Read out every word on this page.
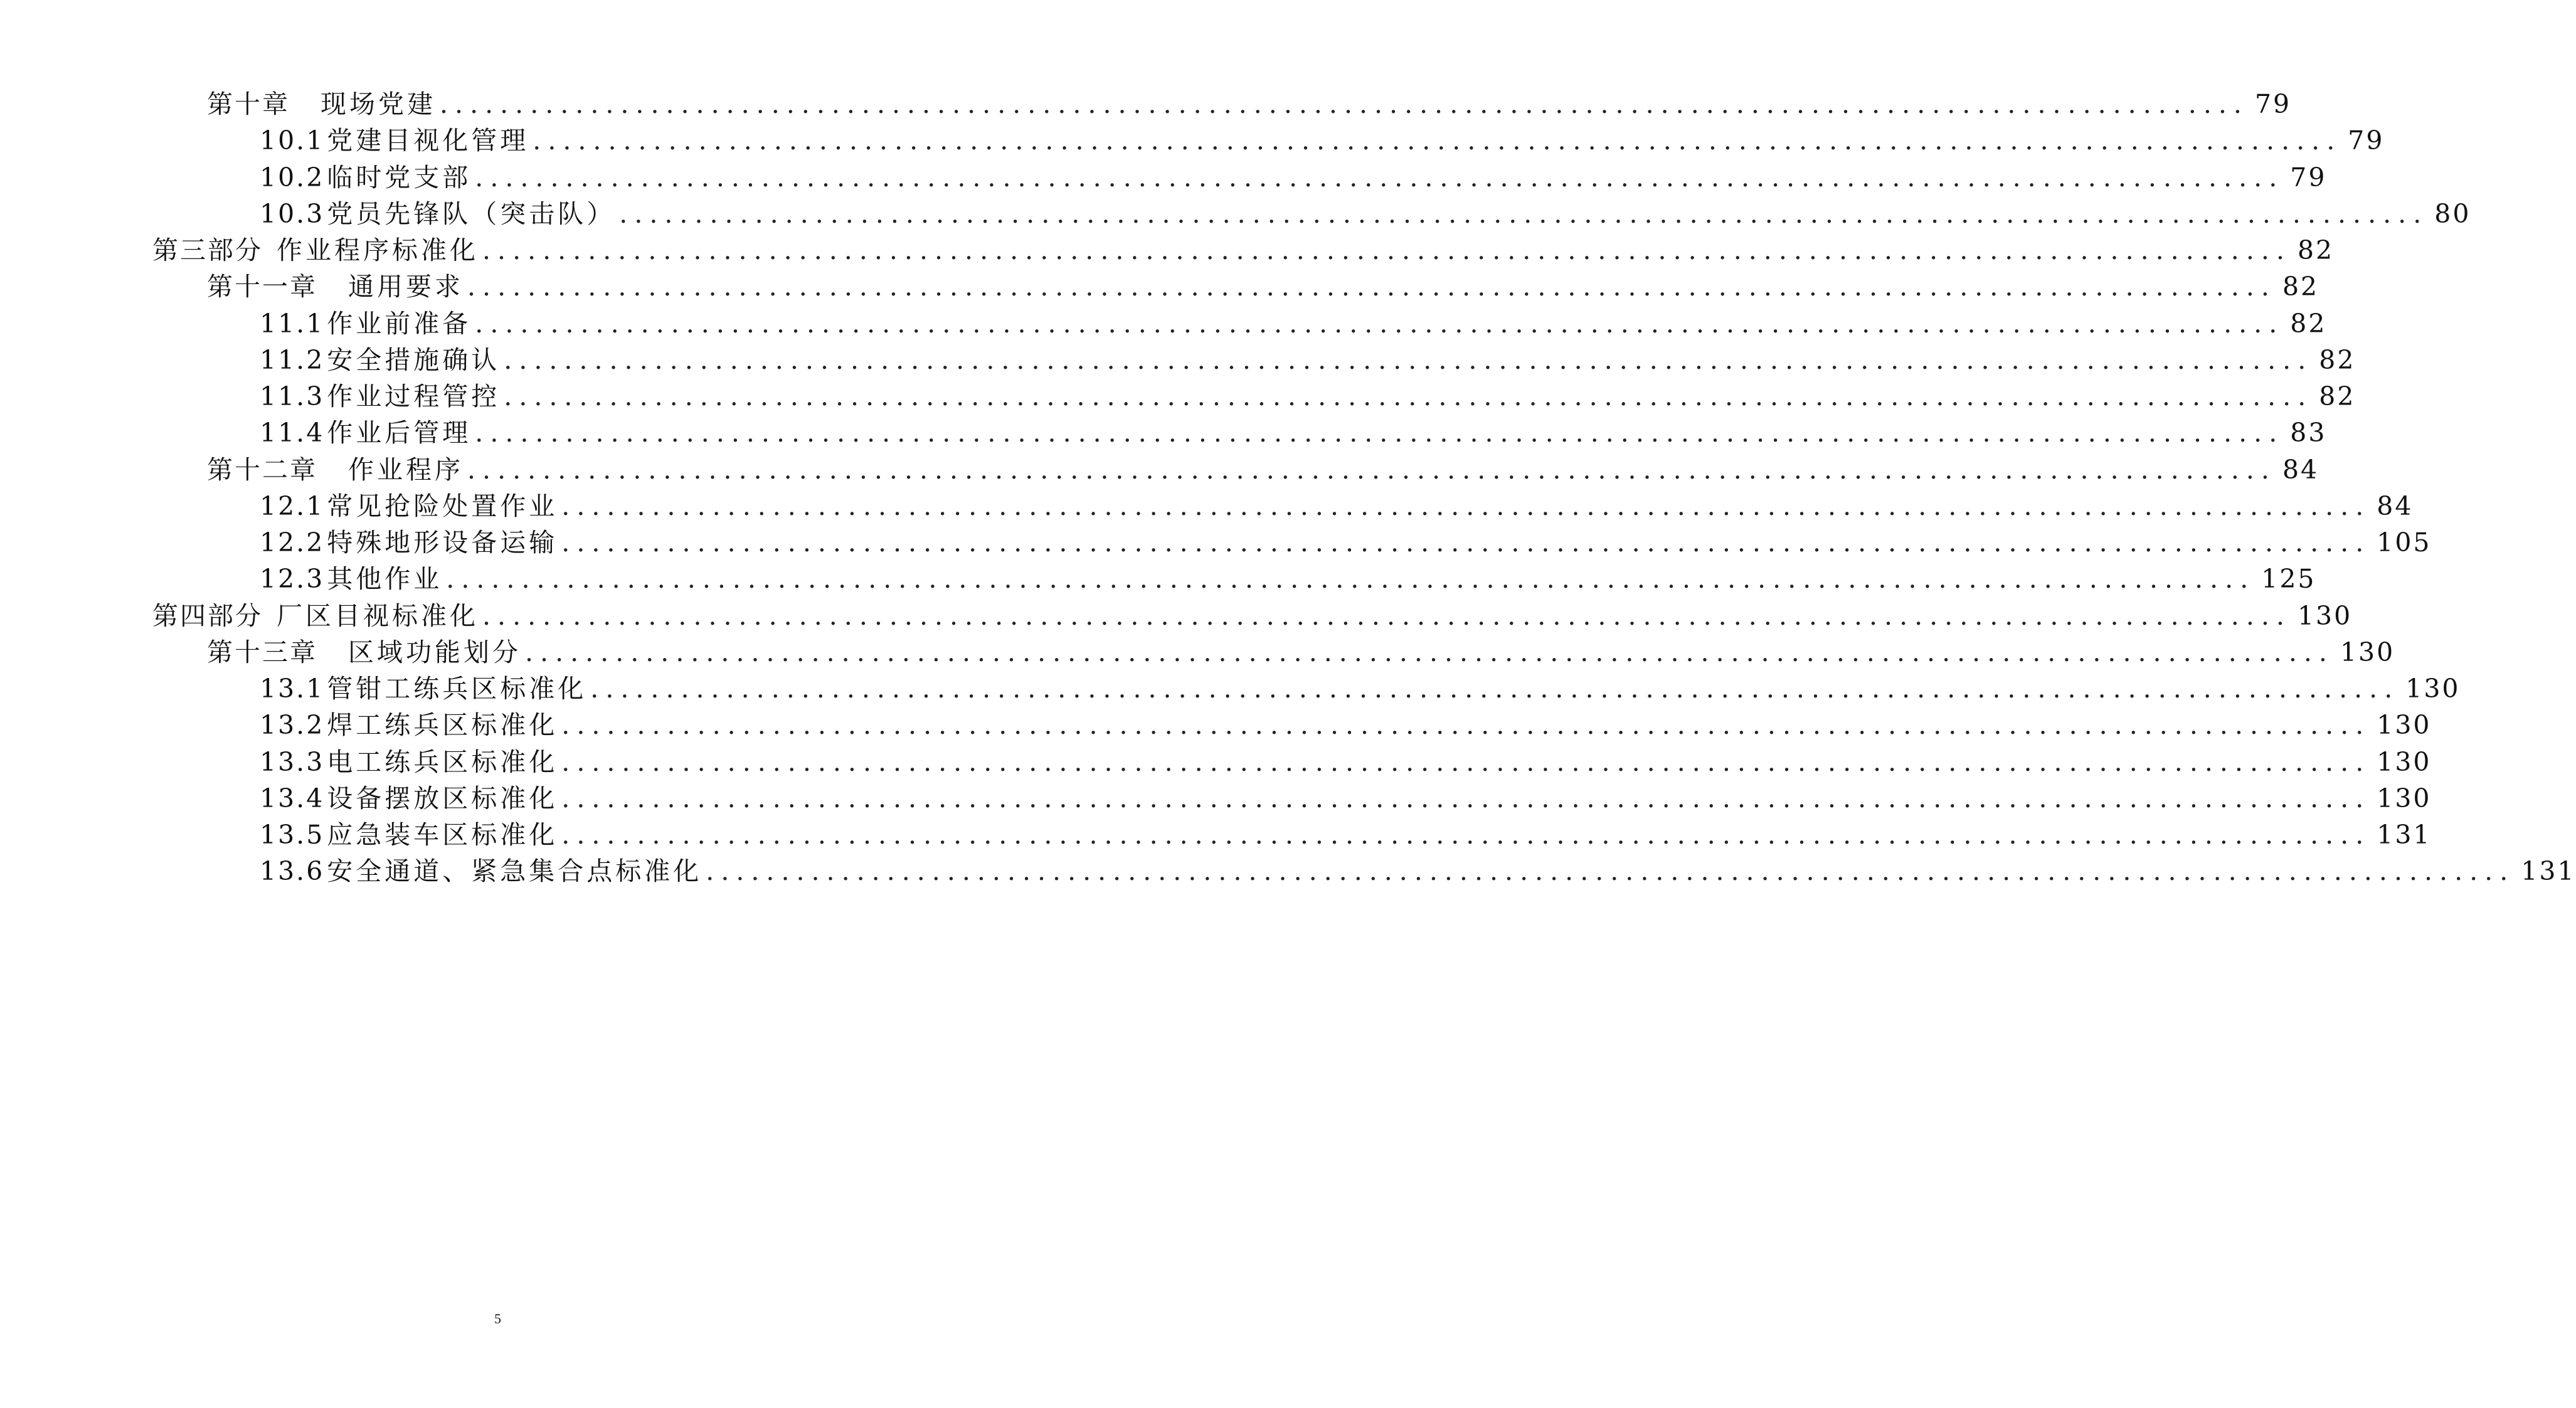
第十章 现场党建 ........................................................................................................................ 79
10.1党建目视化管理 ........................................................................................................................ 79
10.2临时党支部 ........................................................................................................................ 79
10.3党员先锋队（突击队） ........................................................................................................................ 80
第三部分 作业程序标准化 ........................................................................................................................ 82
第十一章 通用要求 ........................................................................................................................ 82
11.1作业前准备 ........................................................................................................................ 82
11.2安全措施确认 ........................................................................................................................ 82
11.3作业过程管控 ........................................................................................................................ 82
11.4作业后管理 ........................................................................................................................ 83
第十二章 作业程序 ........................................................................................................................ 84
12.1常见抢险处置作业 ........................................................................................................................ 84
12.2特殊地形设备运输 ........................................................................................................................ 105
12.3其他作业 ........................................................................................................................ 125
第四部分 厂区目视标准化 ........................................................................................................................ 130
第十三章 区域功能划分 ........................................................................................................................ 130
13.1管钳工练兵区标准化 ........................................................................................................................ 130
13.2焊工练兵区标准化 ........................................................................................................................ 130
13.3电工练兵区标准化 ........................................................................................................................ 130
13.4设备摆放区标准化 ........................................................................................................................ 130
13.5应急装车区标准化 ........................................................................................................................ 131
13.6安全通道、紧急集合点标准化 ........................................................................................................................ 131
5
